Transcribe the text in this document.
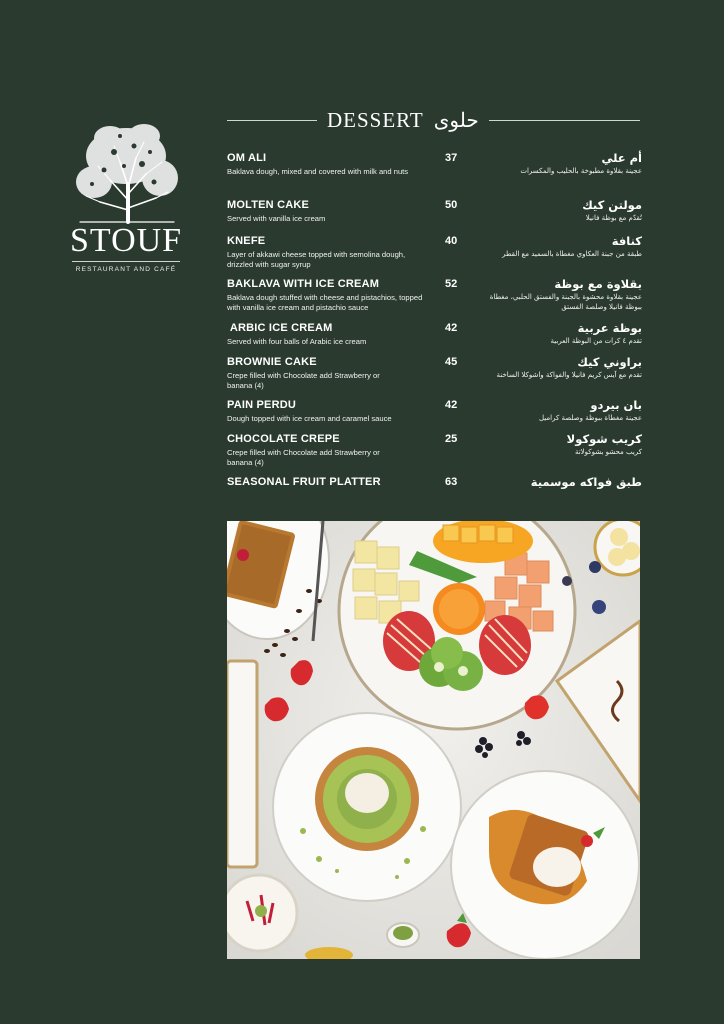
DESSERT حلوى
STOUF
RESTAURANT AND CAFÉ
OM ALI
Baklava dough, mixed and covered with milk and nuts
37	أم علي
عجينة بقلاوة مطبوخة بالحليب والمكسرات
MOLTEN CAKE
Served with vanilla ice cream
50	مولتن كيك
تُقدّم مع بوظة فانيلا
KNEFE
Layer of akkawi cheese topped with semolina dough, drizzled with sugar syrup
40	كنافة
طبقة من جبنة العكاوي مغطاة بالسميد مع القطر
BAKLAVA WITH ICE CREAM
Baklava dough stuffed with cheese and pistachios, topped with vanilla ice cream and pistachio sauce
52	بقلاوة مع بوظة
عجينة بقلاوة محشوة بالجبنة والفستق الحلبي، مغطاة ببوظة فانيلا وصلصة الفستق
ARBIC ICE CREAM
Served with four balls of Arabic ice cream
42	بوظة عربية
تقدم ٤ كرات من البوظة العربية
BROWNIE CAKE
Crepe filled with Chocolate add Strawberry or banana (4)
45	براوني كيك
تقدم مع آيس كريم فانيلا والفواكة واشوكلا الساخنة
PAIN PERDU
Dough topped with ice cream and caramel sauce
42	بان بيردو
عجينة مغطاة ببوظة وصلصة كراميل
CHOCOLATE CREPE
Crepe filled with Chocolate add Strawberry or banana (4)
25	كريب شوكولا
كريب محشو بشوكولاتة
SEASONAL FRUIT PLATTER	63	طبق فواكه موسمية
